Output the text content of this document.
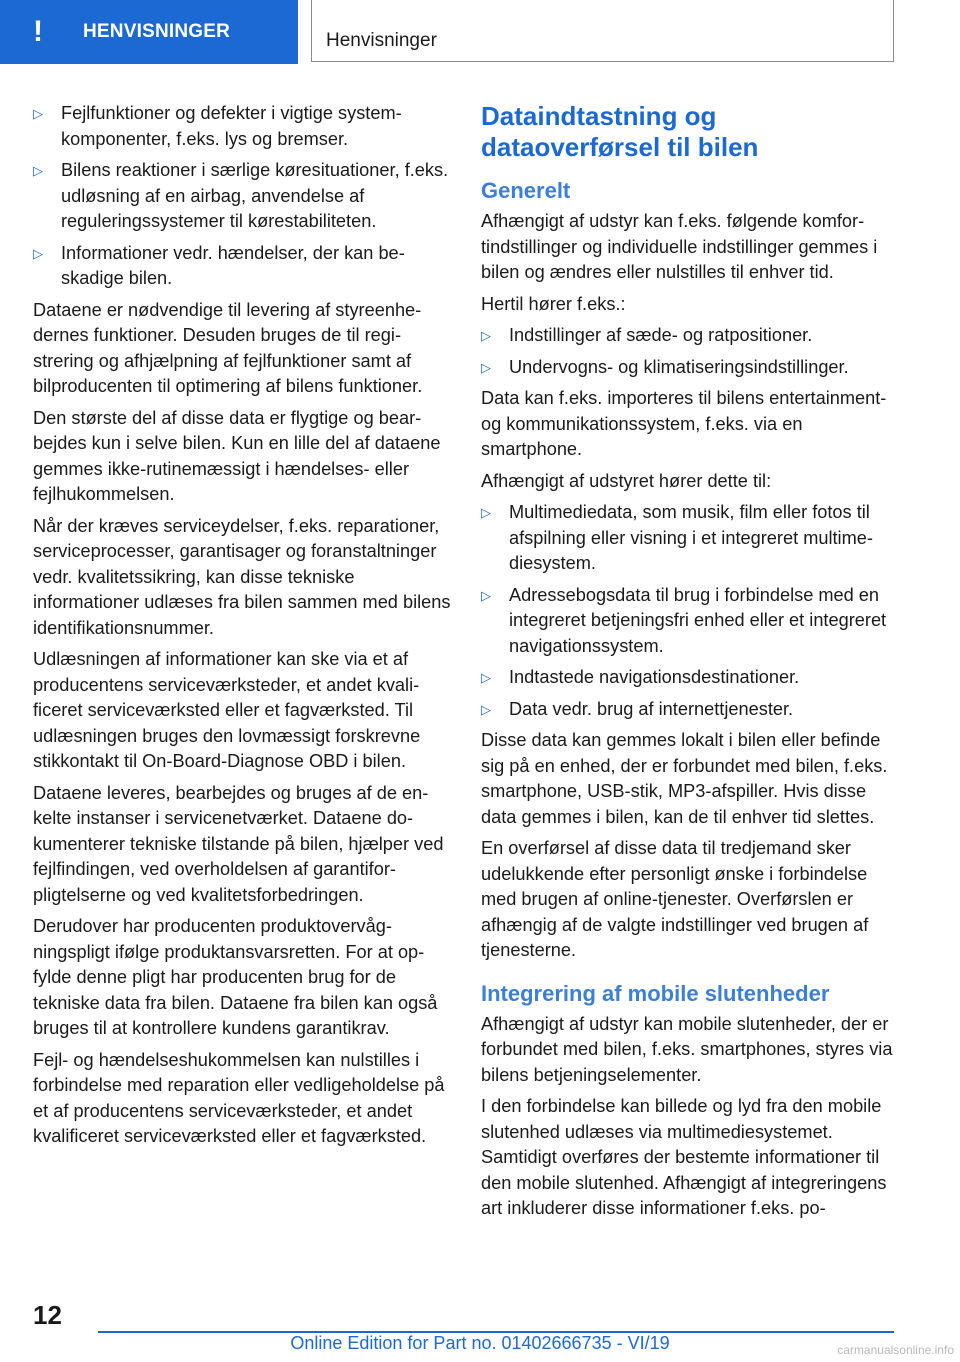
!	HENVISNINGER	Henvisninger
▷ Fejlfunktioner og defekter i vigtige systemkomponenter, f.eks. lys og bremser.
▷ Bilens reaktioner i særlige køresituationer, f.eks. udløsning af en airbag, anvendelse af reguleringssystemer til kørestabiliteten.
▷ Informationer vedr. hændelser, der kan beskadige bilen.

Dataene er nødvendige til levering af styreenhedernes funktioner. Desuden bruges de til registrering og afhjælpning af fejlfunktioner samt af bilproducenten til optimering af bilens funktioner.

Den største del af disse data er flygtige og bearbejdes kun i selve bilen. Kun en lille del af dataene gemmes ikke-rutinemæssigt i hændelses- eller fejlhukommelsen.

Når der kræves serviceydelser, f.eks. reparationer, serviceprocesser, garantisager og foranstaltninger vedr. kvalitetssikring, kan disse tekniske informationer udlæses fra bilen sammen med bilens identifikationsnummer.

Udlæsningen af informationer kan ske via et af producentens serviceværksteder, et andet kvalificeret serviceværksted eller et fagværksted. Til udlæsningen bruges den lovmæssigt forskrevne stikkontakt til On-Board-Diagnose OBD i bilen.

Dataene leveres, bearbejdes og bruges af de enkelte instanser i servicenetværket. Dataene dokumenterer tekniske tilstande på bilen, hjælper ved fejlfindingen, ved overholdelsen af garantiforpligtelserne og ved kvalitetsforbedringen.

Derudover har producenten produktovervågningspligt ifølge produktansvarsretten. For at opfylde denne pligt har producenten brug for de tekniske data fra bilen. Dataene fra bilen kan også bruges til at kontrollere kundens garantikrav.

Fejl- og hændelseshukommelsen kan nulstilles i forbindelse med reparation eller vedligeholdelse på et af producentens serviceværksteder, et andet kvalificeret serviceværksted eller et fagværksted.

Dataindtastning og dataoverførsel til bilen
Generelt

Afhængigt af udstyr kan f.eks. følgende komfortindstillinger og individuelle indstillinger gemmes i bilen og ændres eller nulstilles til enhver tid.

Hertil hører f.eks.:

▷ Indstillinger af sæde- og ratpositioner.
▷ Undervogns- og klimatiseringsindstillinger.

Data kan f.eks. importeres til bilens entertainment- og kommunikationssystem, f.eks. via en smartphone.

Afhængigt af udstyret hører dette til:

▷ Multimediedata, som musik, film eller fotos til afspilning eller visning i et integreret multimediesystem.
▷ Adressebogsdata til brug i forbindelse med en integreret betjeningsfri enhed eller et integreret navigationssystem.
▷ Indtastede navigationsdestinationer.
▷ Data vedr. brug af internettjenester.

Disse data kan gemmes lokalt i bilen eller befinde sig på en enhed, der er forbundet med bilen, f.eks. smartphone, USB-stik, MP3-afspiller. Hvis disse data gemmes i bilen, kan de til enhver tid slettes.

En overførsel af disse data til tredjemand sker udelukkende efter personligt ønske i forbindelse med brugen af online-tjenester. Overførslen er afhængig af de valgte indstillinger ved brugen af tjenesterne.

Integrering af mobile slutenheder

Afhængigt af udstyr kan mobile slutenheder, der er forbundet med bilen, f.eks. smartphones, styres via bilens betjeningselementer.

I den forbindelse kan billede og lyd fra den mobile slutenhed udlæses via multimediesystemet. Samtidigt overføres der bestemte informationer til den mobile slutenhed. Afhængigt af integreringens art inkluderer disse informationer f.eks. po-

12
Online Edition for Part no. 01402666735 - VI/19	carmanualsonline.info
